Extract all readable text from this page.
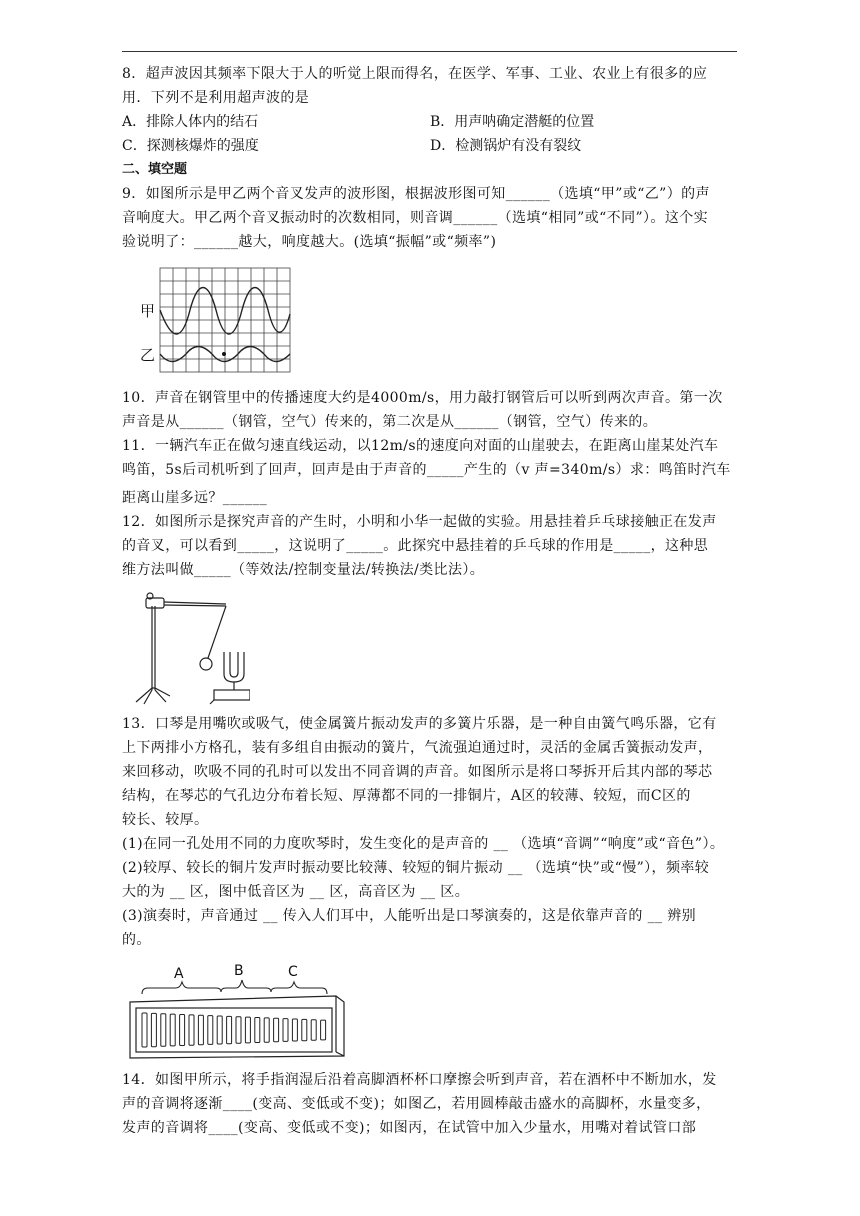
8．超声波因其频率下限大于人的听觉上限而得名，在医学、军事、工业、农业上有很多的应

用．下列不是利用超声波的是

A．排除人体内的结石	B．用声呐确定潜艇的位置
C．探测核爆炸的强度	D．检测锅炉有没有裂纹
二、填空题

9．如图所示是甲乙两个音叉发声的波形图，根据波形图可知______（选填“甲”或“乙”）的声

音响度大。甲乙两个音叉振动时的次数相同，则音调______（选填“相同”或“不同”）。这个实

验说明了：______越大，响度越大。(选填“振幅”或“频率”)

甲
乙

10．声音在钢管里中的传播速度大约是4000m/s，用力敲打钢管后可以听到两次声音。第一次

声音是从______（钢管，空气）传来的，第二次是从______（钢管，空气）传来的。

11．一辆汽车正在做匀速直线运动，以12m/s的速度向对面的山崖驶去，在距离山崖某处汽车

鸣笛，5s后司机听到了回声，回声是由于声音的_____产生的（v 声=340m/s）求：鸣笛时汽车

距离山崖多远？______

12．如图所示是探究声音的产生时，小明和小华一起做的实验。用悬挂着乒乓球接触正在发声

的音叉，可以看到_____，这说明了_____。此探究中悬挂着的乒乓球的作用是_____，这种思

维方法叫做_____（等效法/控制变量法/转换法/类比法）。

13．口琴是用嘴吹或吸气，使金属簧片振动发声的多簧片乐器，是一种自由簧气鸣乐器，它有

上下两排小方格孔，装有多组自由振动的簧片，气流强迫通过时，灵活的金属舌簧振动发声，

来回移动，吹吸不同的孔时可以发出不同音调的声音。如图所示是将口琴拆开后其内部的琴芯

结构，在琴芯的气孔边分布着长短、厚薄都不同的一排铜片，A区的较薄、较短，而C区的

较长、较厚。

(1)在同一孔处用不同的力度吹琴时，发生变化的是声音的 __ （选填“音调”“响度”或“音色”）。

(2)较厚、较长的铜片发声时振动要比较薄、较短的铜片振动 __ （选填“快”或“慢”），频率较

大的为 __ 区，图中低音区为 __ 区，高音区为 __ 区。

(3)演奏时，声音通过 __ 传入人们耳中，人能听出是口琴演奏的，这是依靠声音的 __ 辨别

的。

A	B	C

14．如图甲所示，将手指润湿后沿着高脚酒杯杯口摩擦会听到声音，若在酒杯中不断加水，发

声的音调将逐渐____(变高、变低或不变)；如图乙，若用圆棒敲击盛水的高脚杯，水量变多，

发声的音调将____(变高、变低或不变)；如图丙，在试管中加入少量水，用嘴对着试管口部
